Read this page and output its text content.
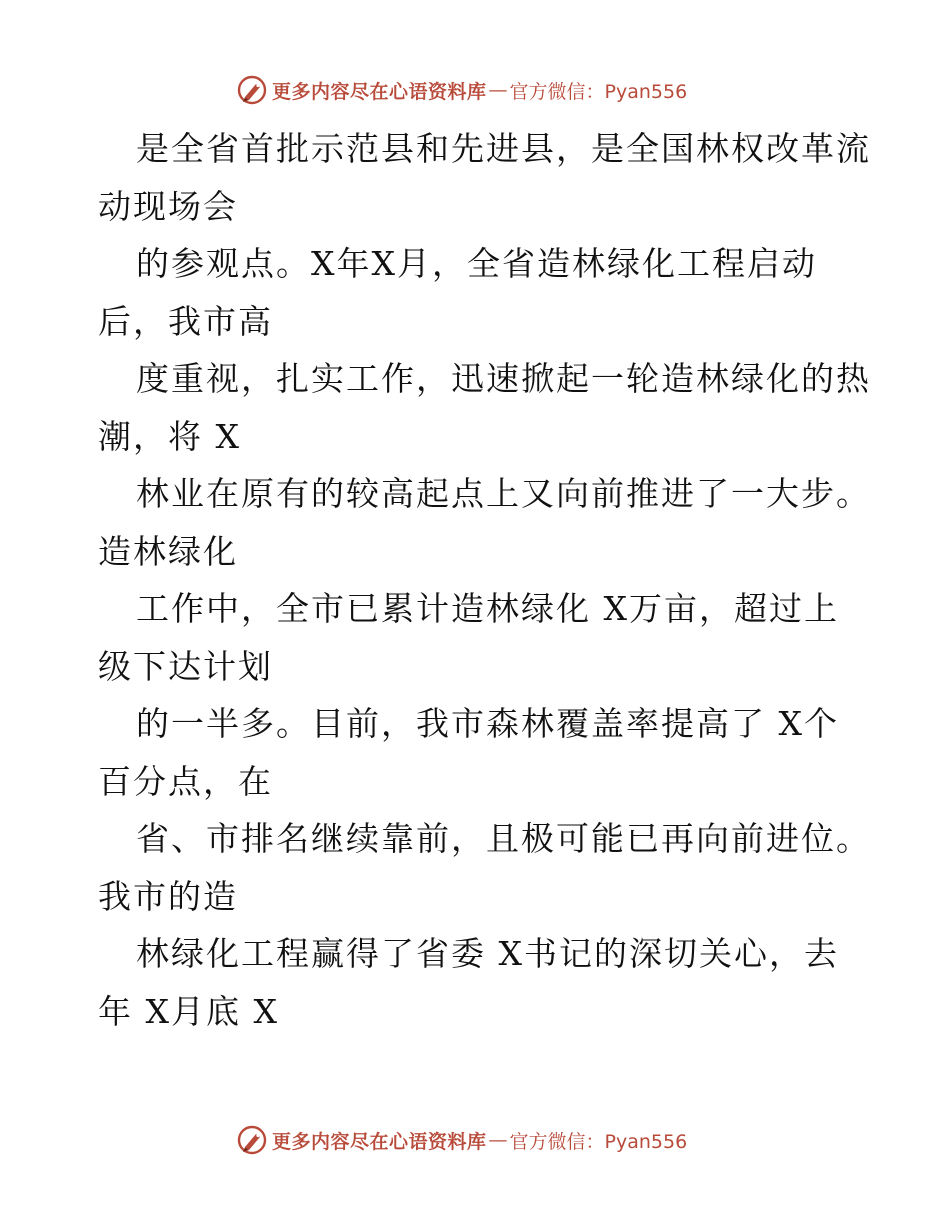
更多内容尽在心语资料库 — 官方微信：Pyan556
是全省首批示范县和先进县，是全国林权改革流
动现场会
的参观点。X年X月，全省造林绿化工程启动
后，我市高
度重视，扎实工作，迅速掀起一轮造林绿化的热
潮，将 X
林业在原有的较高起点上又向前推进了一大步。
造林绿化
工作中，全市已累计造林绿化 X万亩，超过上
级下达计划
的一半多。目前，我市森林覆盖率提高了 X个
百分点，在
省、市排名继续靠前，且极可能已再向前进位。
我市的造
林绿化工程赢得了省委 X书记的深切关心，去
年 X月底 X
更多内容尽在心语资料库 — 官方微信：Pyan556
